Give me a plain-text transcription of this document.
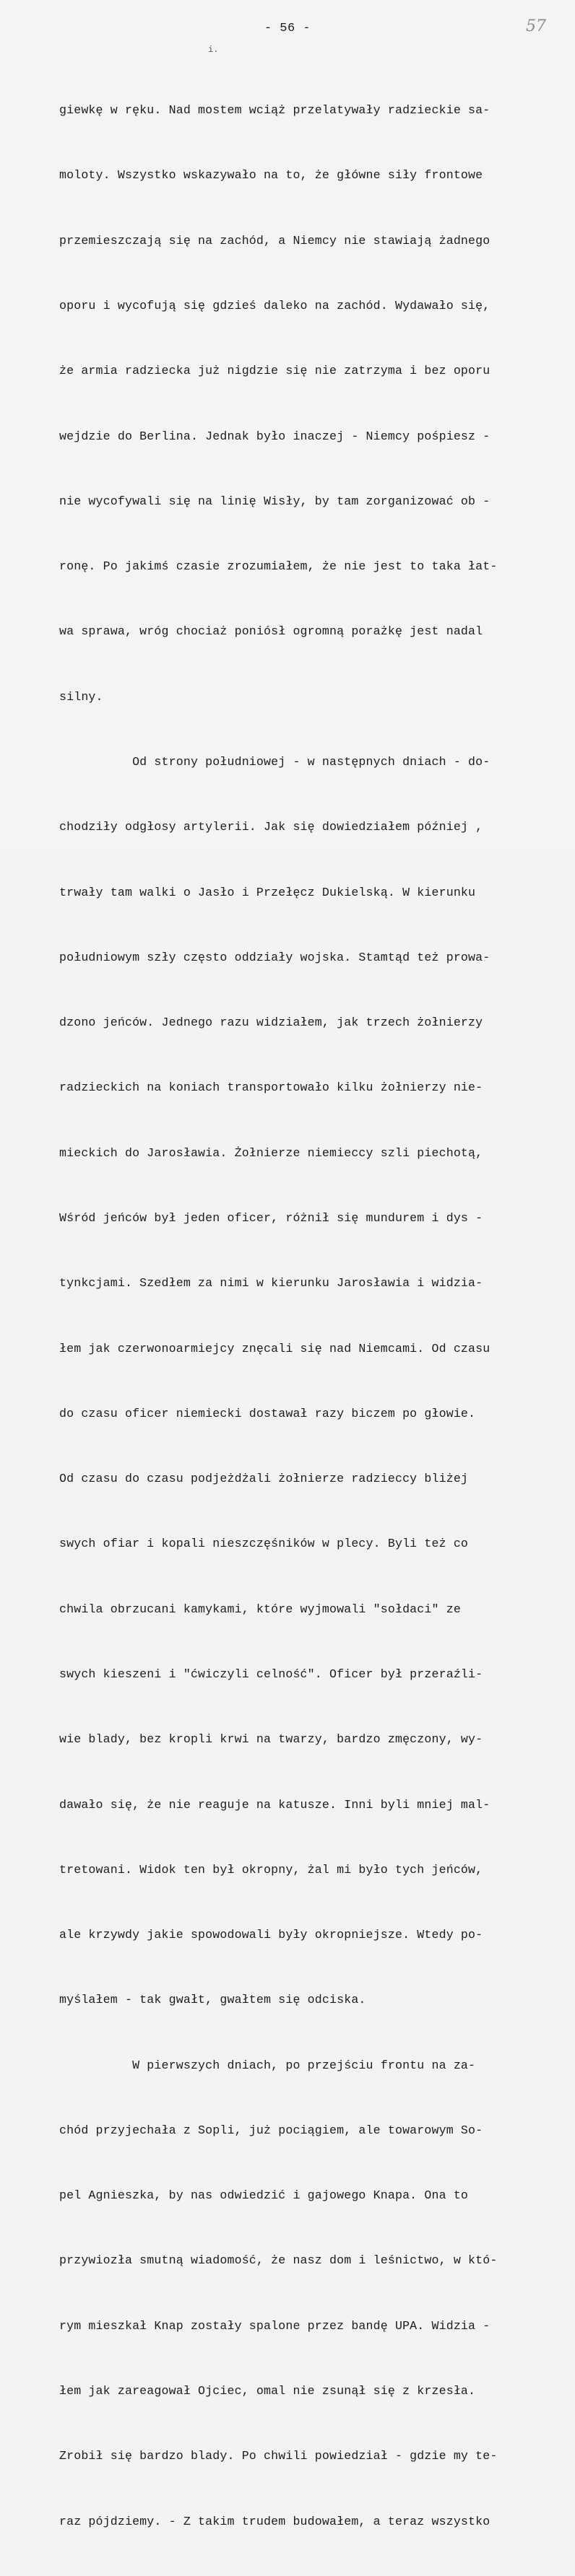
- 56 -	57
i.

giewkę w ręku. Nad mostem wciąż przelatywały radzieckie sa-

moloty. Wszystko wskazywało na to, że główne siły frontowe

przemieszczają się na zachód, a Niemcy nie stawiają żadnego

oporu i wycofują się gdzieś daleko na zachód. Wydawało się,

że armia radziecka już nigdzie się nie zatrzyma i bez oporu

wejdzie do Berlina. Jednak było inaczej - Niemcy pośpiesz -

nie wycofywali się na linię Wisły, by tam zorganizować ob -

ronę. Po jakimś czasie zrozumiałem, że nie jest to taka łat-

wa sprawa, wróg chociaż poniósł ogromną porażkę jest nadal

silny.

Od strony południowej - w następnych dniach - do-

chodziły odgłosy artylerii. Jak się dowiedziałem później ,

trwały tam walki o Jasło i Przełęcz Dukielską. W kierunku

południowym szły często oddziały wojska. Stamtąd też prowa-

dzono jeńców. Jednego razu widziałem, jak trzech żołnierzy

radzieckich na koniach transportowało kilku żołnierzy nie-

mieckich do Jarosławia. Żołnierze niemieccy szli piechotą,

Wśród jeńców był jeden oficer, różnił się mundurem i dys -

tynkcjami. Szedłem za nimi w kierunku Jarosławia i widzia-

łem jak czerwonoarmiejcy znęcali się nad Niemcami. Od czasu

do czasu oficer niemiecki dostawał razy biczem po głowie.

Od czasu do czasu podjeżdżali żołnierze radzieccy bliżej

swych ofiar i kopali nieszczęśników w plecy. Byli też co

chwila obrzucani kamykami, które wyjmowali "sołdaci" ze

swych kieszeni i "ćwiczyli celność". Oficer był przeraźli-

wie blady, bez kropli krwi na twarzy, bardzo zmęczony, wy-

dawało się, że nie reaguje na katusze. Inni byli mniej mal-

tretowani. Widok ten był okropny, żal mi było tych jeńców,

ale krzywdy jakie spowodowali były okropniejsze. Wtedy po-

myślałem - tak gwałt, gwałtem się odciska.

W pierwszych dniach, po przejściu frontu na za-

chód przyjechała z Sopli, już pociągiem, ale towarowym So-

pel Agnieszka, by nas odwiedzić i gajowego Knapa. Ona to

przywiozła smutną wiadomość, że nasz dom i leśnictwo, w któ-

rym mieszkał Knap zostały spalone przez bandę UPA. Widzia -

łem jak zareagował Ojciec, omal nie zsunął się z krzesła.

Zrobił się bardzo blady. Po chwili powiedział - gdzie my te-

raz pójdziemy. - Z takim trudem budowałem, a teraz wszystko
